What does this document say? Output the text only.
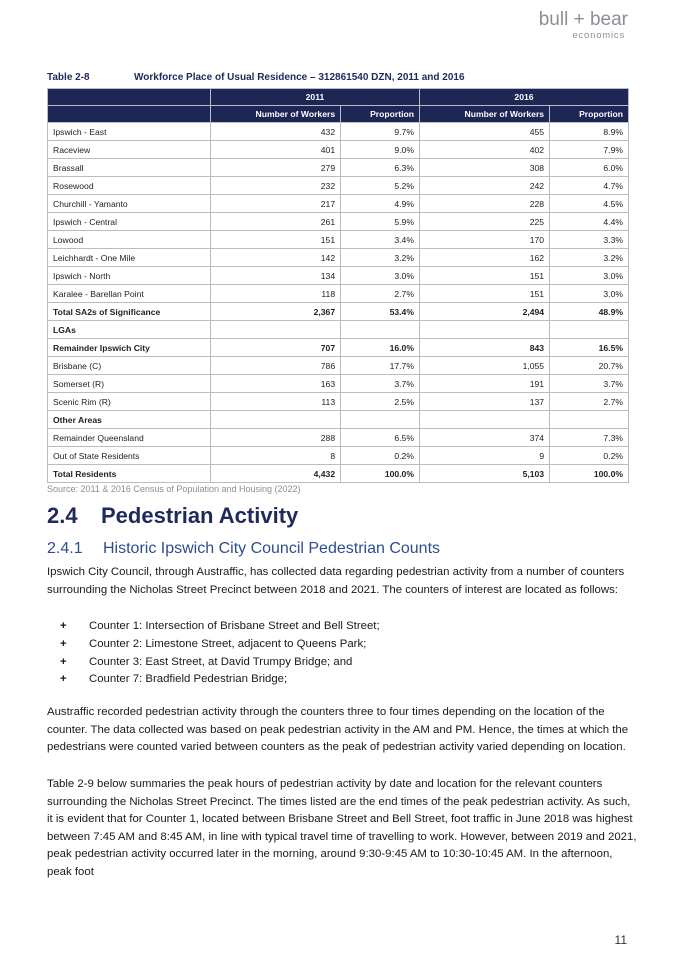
bull + bear
economics
Table 2-8	Workforce Place of Usual Residence – 312861540 DZN, 2011 and 2016
	2011		2016	
	Number of Workers	Proportion	Number of Workers	Proportion
Ipswich - East	432	9.7%	455	8.9%
Raceview	401	9.0%	402	7.9%
Brassall	279	6.3%	308	6.0%
Rosewood	232	5.2%	242	4.7%
Churchill - Yamanto	217	4.9%	228	4.5%
Ipswich - Central	261	5.9%	225	4.4%
Lowood	151	3.4%	170	3.3%
Leichhardt - One Mile	142	3.2%	162	3.2%
Ipswich - North	134	3.0%	151	3.0%
Karalee - Barellan Point	118	2.7%	151	3.0%
Total SA2s of Significance	2,367	53.4%	2,494	48.9%
LGAs				
Remainder Ipswich City	707	16.0%	843	16.5%
Brisbane (C)	786	17.7%	1,055	20.7%
Somerset (R)	163	3.7%	191	3.7%
Scenic Rim (R)	113	2.5%	137	2.7%
Other Areas				
Remainder Queensland	288	6.5%	374	7.3%
Out of State Residents	8	0.2%	9	0.2%
Total Residents	4,432	100.0%	5,103	100.0%
Source: 2011 & 2016 Census of Population and Housing (2022)
2.4 Pedestrian Activity
2.4.1 Historic Ipswich City Council Pedestrian Counts

Ipswich City Council, through Austraffic, has collected data regarding pedestrian activity from a number of counters surrounding the Nicholas Street Precinct between 2018 and 2021. The counters of interest are located as follows:

+ Counter 1: Intersection of Brisbane Street and Bell Street;
+ Counter 2: Limestone Street, adjacent to Queens Park;
+ Counter 3: East Street, at David Trumpy Bridge; and
+ Counter 7: Bradfield Pedestrian Bridge;

Austraffic recorded pedestrian activity through the counters three to four times depending on the location of the counter. The data collected was based on peak pedestrian activity in the AM and PM. Hence, the times at which the pedestrians were counted varied between counters as the peak of pedestrian activity varied depending on location.

Table 2-9 below summaries the peak hours of pedestrian activity by date and location for the relevant counters surrounding the Nicholas Street Precinct. The times listed are the end times of the peak pedestrian activity. As such, it is evident that for Counter 1, located between Brisbane Street and Bell Street, foot traffic in June 2018 was highest between 7:45 AM and 8:45 AM, in line with typical travel time of travelling to work. However, between 2019 and 2021, peak pedestrian activity occurred later in the morning, around 9:30-9:45 AM to 10:30-10:45 AM. In the afternoon, peak foot

11
